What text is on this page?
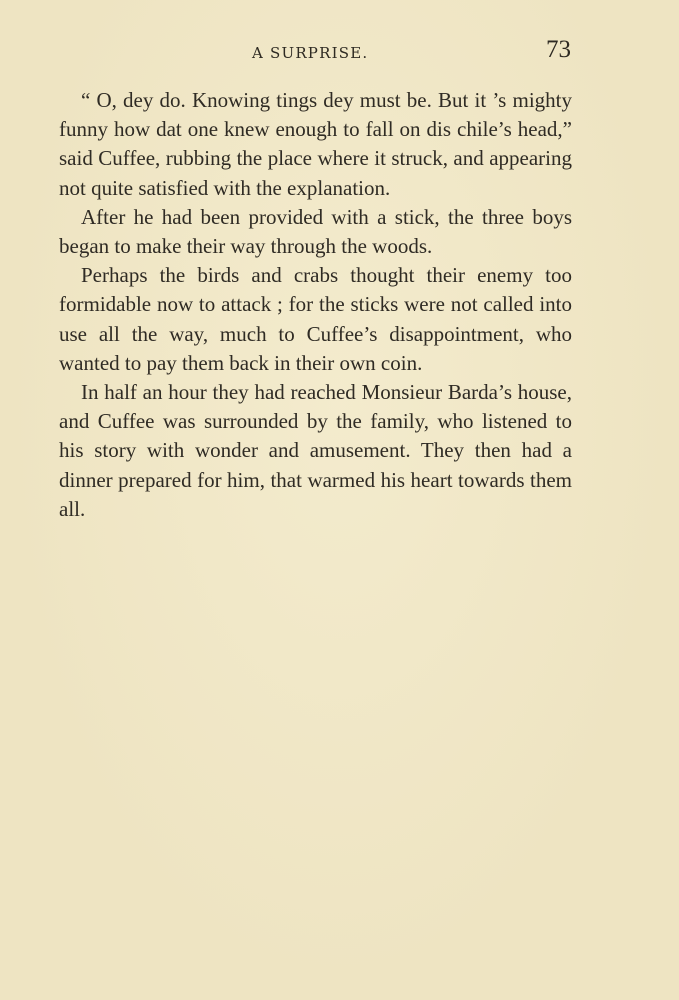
A SURPRISE.	73

“ O, dey do. Knowing tings dey must be. But it ’s mighty funny how dat one knew enough to fall on dis chile’s head,” said Cuffee, rubbing the place where it struck, and appearing not quite satisfied with the explanation.

After he had been provided with a stick, the three boys began to make their way through the woods.

Perhaps the birds and crabs thought their enemy too formidable now to attack ; for the sticks were not called into use all the way, much to Cuffee’s disappointment, who wanted to pay them back in their own coin.

In half an hour they had reached Monsieur Barda’s house, and Cuffee was surrounded by the family, who listened to his story with wonder and amusement. They then had a dinner prepared for him, that warmed his heart towards them all.
